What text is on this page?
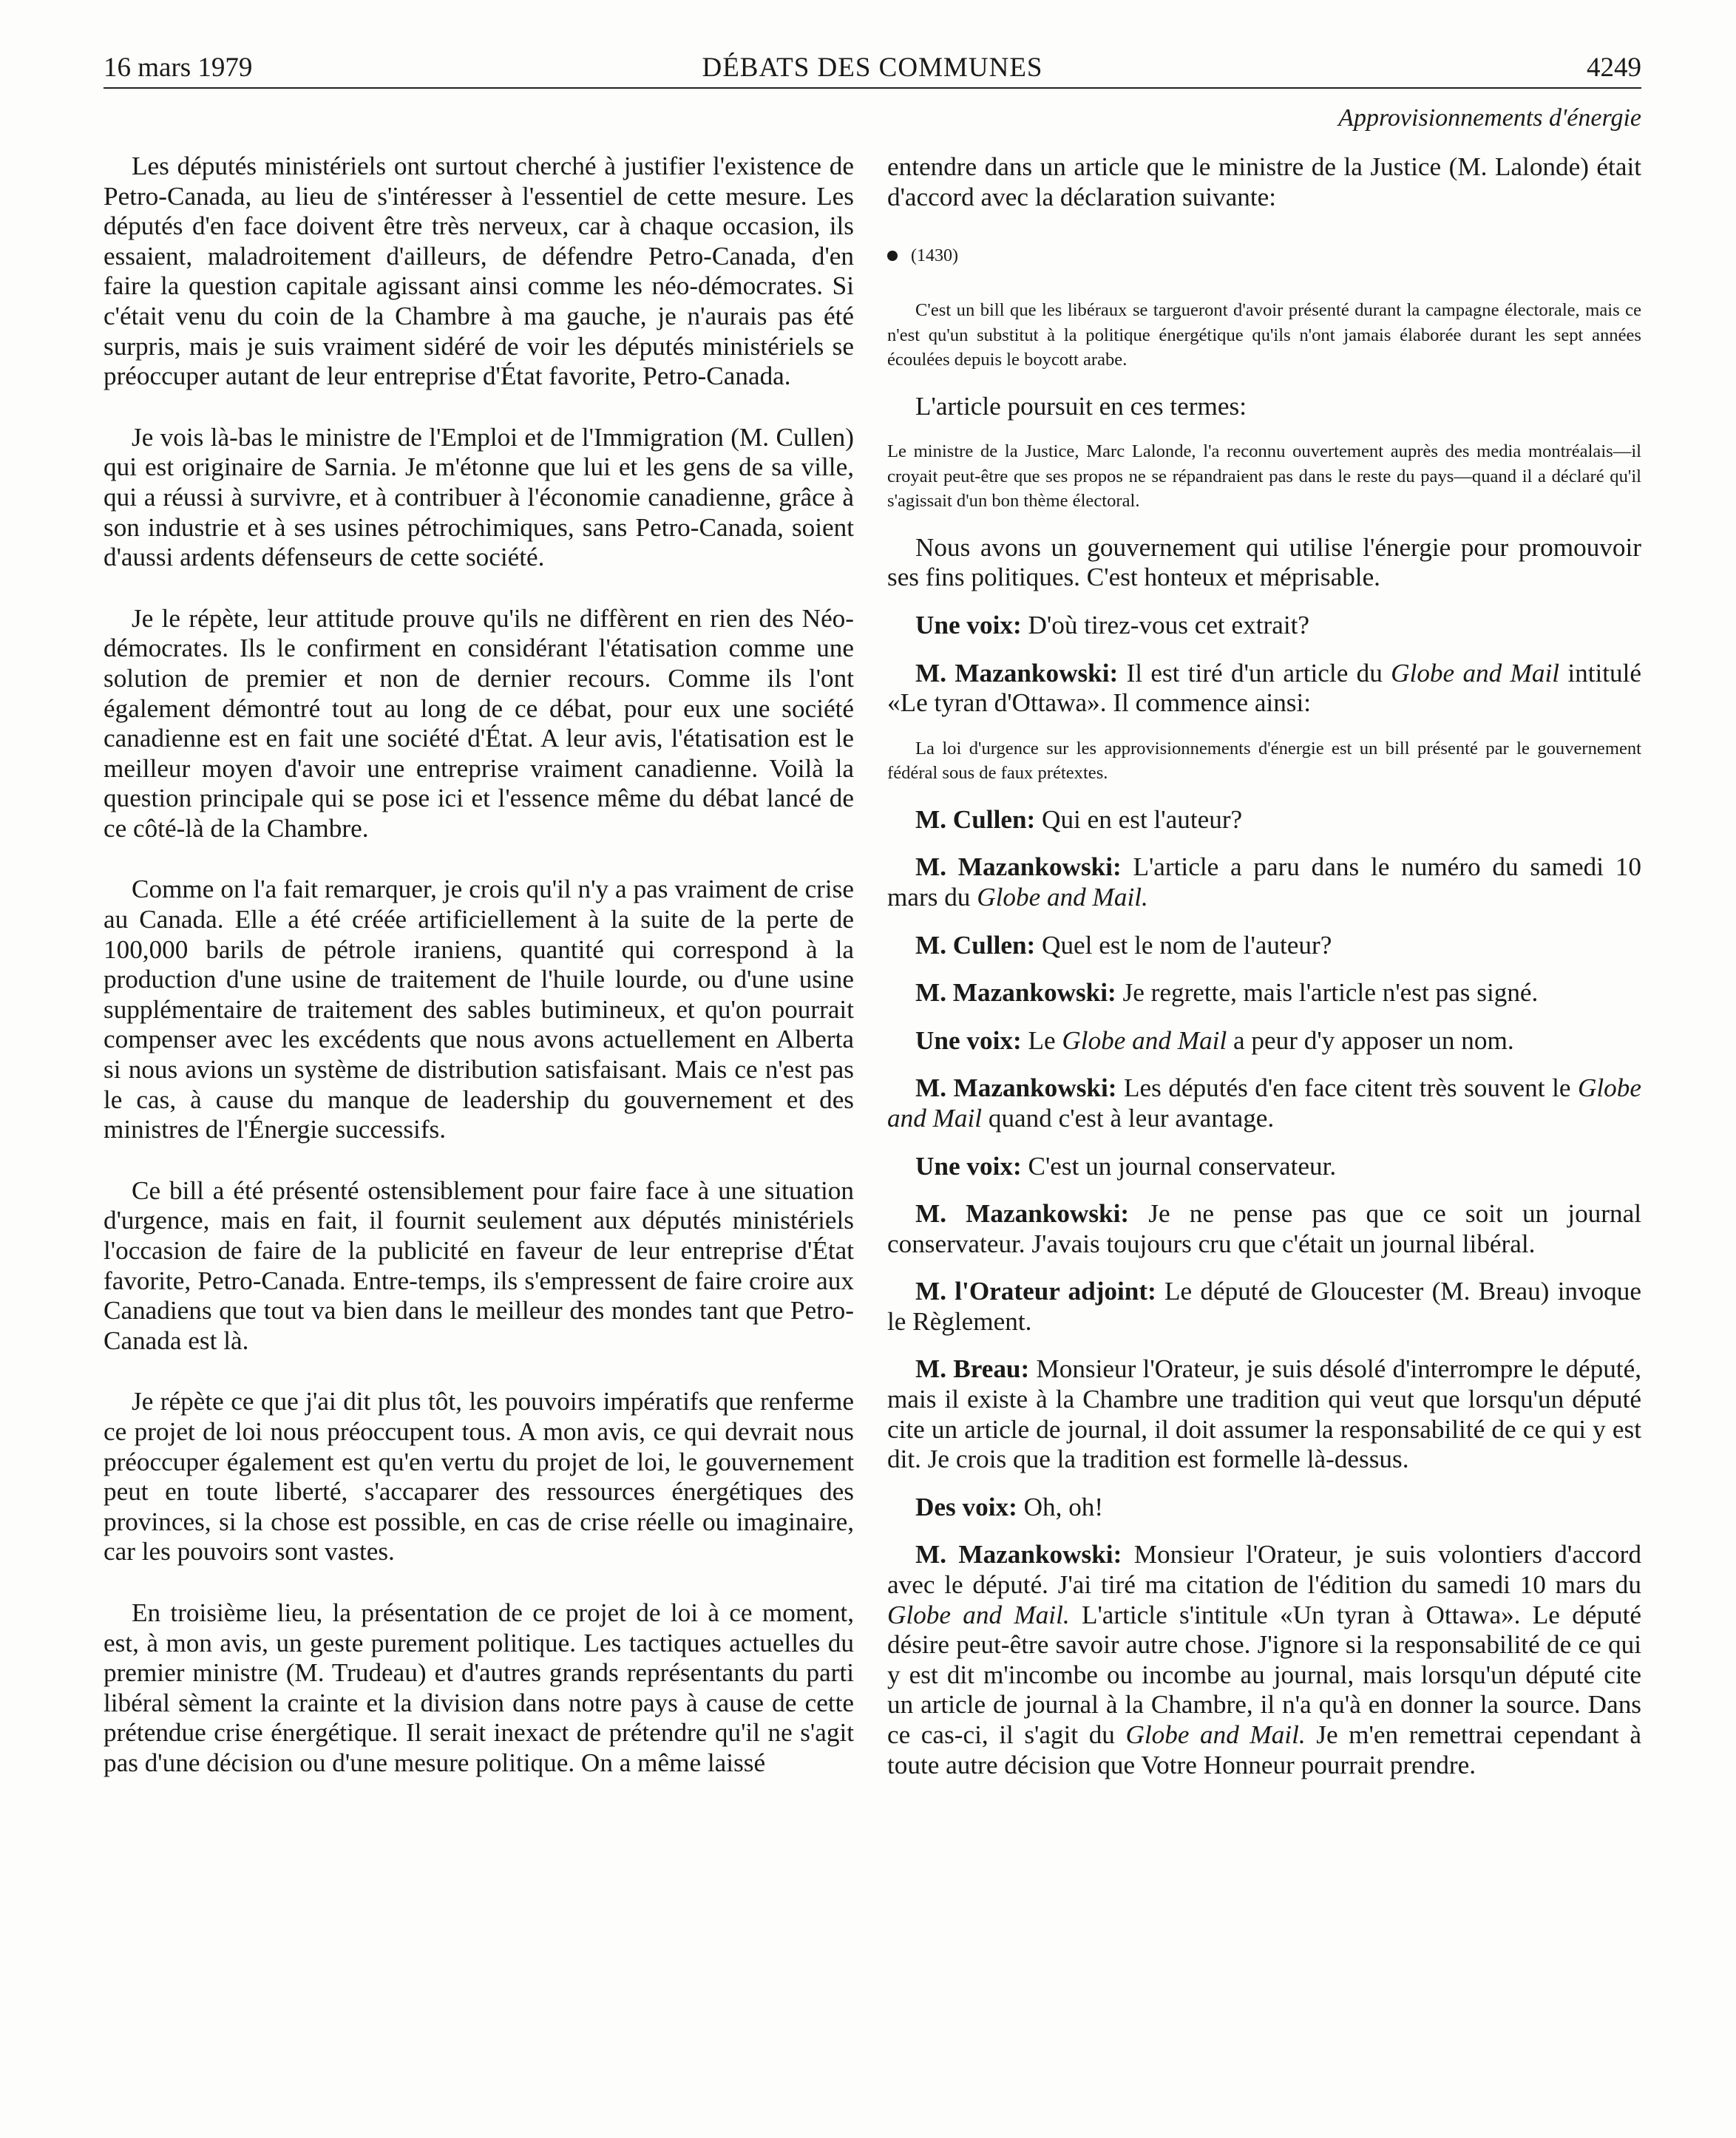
16 mars 1979	DÉBATS DES COMMUNES	4249

Les députés ministériels ont surtout cherché à justifier l'existence de Petro-Canada, au lieu de s'intéresser à l'essentiel de cette mesure. Les députés d'en face doivent être très nerveux, car à chaque occasion, ils essaient, maladroitement d'ailleurs, de défendre Petro-Canada, d'en faire la question capitale agissant ainsi comme les néo-démocrates. Si c'était venu du coin de la Chambre à ma gauche, je n'aurais pas été surpris, mais je suis vraiment sidéré de voir les députés ministériels se préoccuper autant de leur entreprise d'État favorite, Petro-Canada.

Je vois là-bas le ministre de l'Emploi et de l'Immigration (M. Cullen) qui est originaire de Sarnia. Je m'étonne que lui et les gens de sa ville, qui a réussi à survivre, et à contribuer à l'économie canadienne, grâce à son industrie et à ses usines pétrochimiques, sans Petro-Canada, soient d'aussi ardents défenseurs de cette société.

Je le répète, leur attitude prouve qu'ils ne diffèrent en rien des Néo-démocrates. Ils le confirment en considérant l'étatisation comme une solution de premier et non de dernier recours. Comme ils l'ont également démontré tout au long de ce débat, pour eux une société canadienne est en fait une société d'État. A leur avis, l'étatisation est le meilleur moyen d'avoir une entreprise vraiment canadienne. Voilà la question principale qui se pose ici et l'essence même du débat lancé de ce côté-là de la Chambre.

Comme on l'a fait remarquer, je crois qu'il n'y a pas vraiment de crise au Canada. Elle a été créée artificiellement à la suite de la perte de 100,000 barils de pétrole iraniens, quantité qui correspond à la production d'une usine de traitement de l'huile lourde, ou d'une usine supplémentaire de traitement des sables butimineux, et qu'on pourrait compenser avec les excédents que nous avons actuellement en Alberta si nous avions un système de distribution satisfaisant. Mais ce n'est pas le cas, à cause du manque de leadership du gouvernement et des ministres de l'Énergie successifs.

Ce bill a été présenté ostensiblement pour faire face à une situation d'urgence, mais en fait, il fournit seulement aux députés ministériels l'occasion de faire de la publicité en faveur de leur entreprise d'État favorite, Petro-Canada. Entre-temps, ils s'empressent de faire croire aux Canadiens que tout va bien dans le meilleur des mondes tant que Petro-Canada est là.

Je répète ce que j'ai dit plus tôt, les pouvoirs impératifs que renferme ce projet de loi nous préoccupent tous. A mon avis, ce qui devrait nous préoccuper également est qu'en vertu du projet de loi, le gouvernement peut en toute liberté, s'accaparer des ressources énergétiques des provinces, si la chose est possible, en cas de crise réelle ou imaginaire, car les pouvoirs sont vastes.

En troisième lieu, la présentation de ce projet de loi à ce moment, est, à mon avis, un geste purement politique. Les tactiques actuelles du premier ministre (M. Trudeau) et d'autres grands représentants du parti libéral sèment la crainte et la division dans notre pays à cause de cette prétendue crise énergétique. Il serait inexact de prétendre qu'il ne s'agit pas d'une décision ou d'une mesure politique. On a même laissé

Approvisionnements d'énergie

entendre dans un article que le ministre de la Justice (M. Lalonde) était d'accord avec la déclaration suivante:

(1430)

C'est un bill que les libéraux se targueront d'avoir présenté durant la campagne électorale, mais ce n'est qu'un substitut à la politique énergétique qu'ils n'ont jamais élaborée durant les sept années écoulées depuis le boycott arabe.

L'article poursuit en ces termes:

Le ministre de la Justice, Marc Lalonde, l'a reconnu ouvertement auprès des media montréalais—il croyait peut-être que ses propos ne se répandraient pas dans le reste du pays—quand il a déclaré qu'il s'agissait d'un bon thème électoral.

Nous avons un gouvernement qui utilise l'énergie pour promouvoir ses fins politiques. C'est honteux et méprisable.

Une voix: D'où tirez-vous cet extrait?

M. Mazankowski: Il est tiré d'un article du Globe and Mail intitulé «Le tyran d'Ottawa». Il commence ainsi:

La loi d'urgence sur les approvisionnements d'énergie est un bill présenté par le gouvernement fédéral sous de faux prétextes.

M. Cullen: Qui en est l'auteur?

M. Mazankowski: L'article a paru dans le numéro du samedi 10 mars du Globe and Mail.

M. Cullen: Quel est le nom de l'auteur?

M. Mazankowski: Je regrette, mais l'article n'est pas signé.

Une voix: Le Globe and Mail a peur d'y apposer un nom.

M. Mazankowski: Les députés d'en face citent très souvent le Globe and Mail quand c'est à leur avantage.

Une voix: C'est un journal conservateur.

M. Mazankowski: Je ne pense pas que ce soit un journal conservateur. J'avais toujours cru que c'était un journal libéral.

M. l'Orateur adjoint: Le député de Gloucester (M. Breau) invoque le Règlement.

M. Breau: Monsieur l'Orateur, je suis désolé d'interrompre le député, mais il existe à la Chambre une tradition qui veut que lorsqu'un député cite un article de journal, il doit assumer la responsabilité de ce qui y est dit. Je crois que la tradition est formelle là-dessus.

Des voix: Oh, oh!

M. Mazankowski: Monsieur l'Orateur, je suis volontiers d'accord avec le député. J'ai tiré ma citation de l'édition du samedi 10 mars du Globe and Mail. L'article s'intitule «Un tyran à Ottawa». Le député désire peut-être savoir autre chose. J'ignore si la responsabilité de ce qui y est dit m'incombe ou incombe au journal, mais lorsqu'un député cite un article de journal à la Chambre, il n'a qu'à en donner la source. Dans ce cas-ci, il s'agit du Globe and Mail. Je m'en remettrai cependant à toute autre décision que Votre Honneur pourrait prendre.
